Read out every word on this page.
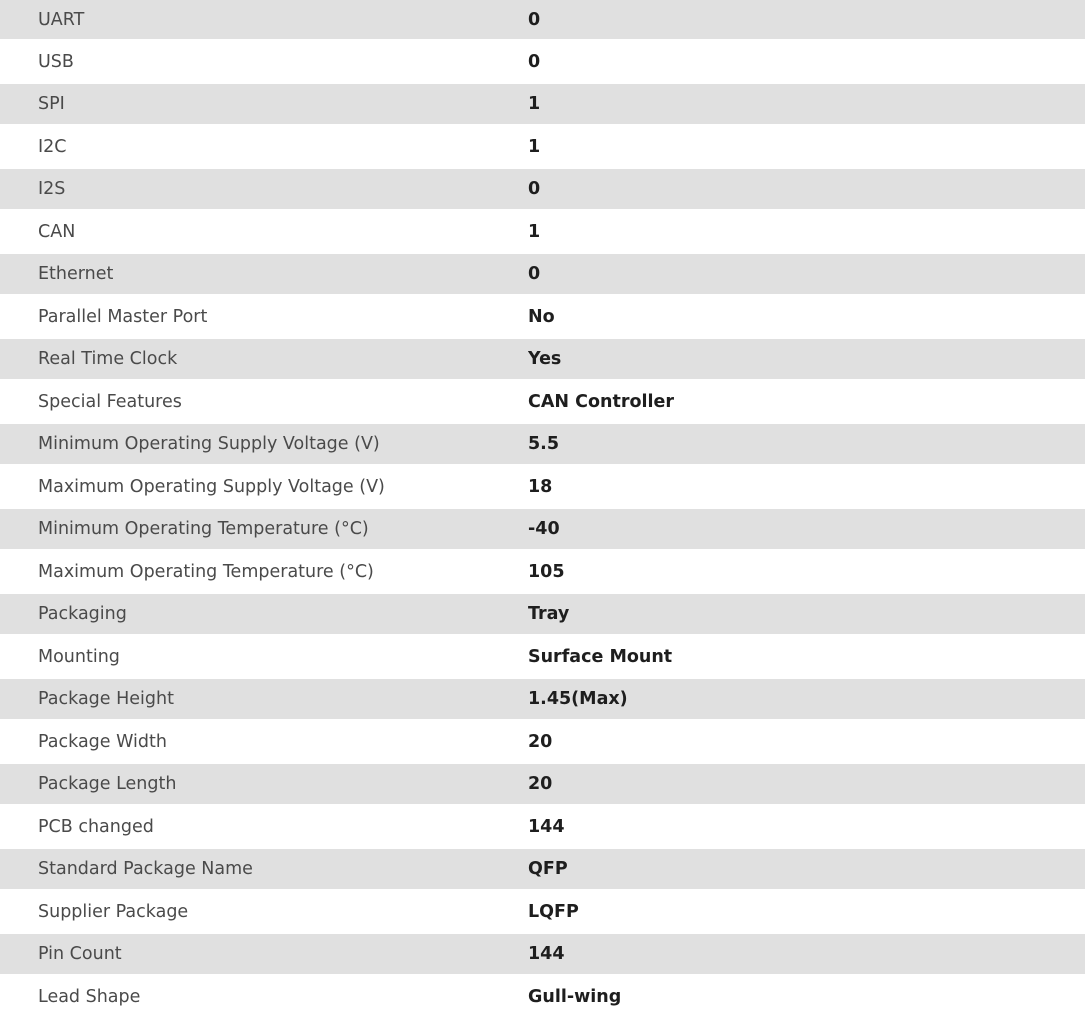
UART	0
USB	0
SPI	1
I2C	1
I2S	0
CAN	1
Ethernet	0
Parallel Master Port	No
Real Time Clock	Yes
Special Features	CAN Controller
Minimum Operating Supply Voltage (V)	5.5
Maximum Operating Supply Voltage (V)	18
Minimum Operating Temperature (°C)	-40
Maximum Operating Temperature (°C)	105
Packaging	Tray
Mounting	Surface Mount
Package Height	1.45(Max)
Package Width	20
Package Length	20
PCB changed	144
Standard Package Name	QFP
Supplier Package	LQFP
Pin Count	144
Lead Shape	Gull-wing
